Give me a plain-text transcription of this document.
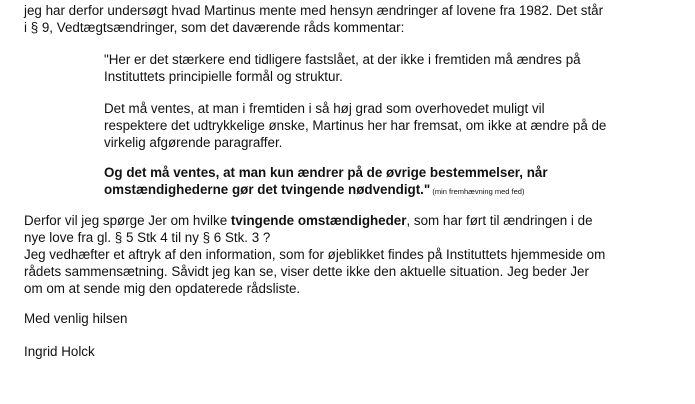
jeg har derfor undersøgt hvad Martinus mente med hensyn ændringer af lovene fra 1982. Det står
i § 9, Vedtægtsændringer, som det daværende råds kommentar:

"Her er det stærkere end tidligere fastslået, at der ikke i fremtiden må ændres på
Instituttets principielle formål og struktur.

Det må ventes, at man i fremtiden i så høj grad som overhovedet muligt vil
respektere det udtrykkelige ønske, Martinus her har fremsat, om ikke at ændre på de
virkelig afgørende paragraffer.

Og det må ventes, at man kun ændrer på de øvrige bestemmelser, når
omstændighederne gør det tvingende nødvendigt." (min fremhævning med fed)

Derfor vil jeg spørge Jer om hvilke tvingende omstændigheder, som har ført til ændringen i de
nye love fra gl. § 5 Stk 4 til ny § 6 Stk. 3 ?
Jeg vedhæfter et aftryk af den information, som for øjeblikket findes på Instituttets hjemmeside om
rådets sammensætning. Såvidt jeg kan se, viser dette ikke den aktuelle situation. Jeg beder Jer
om om at sende mig den opdaterede rådsliste.

Med venlig hilsen

Ingrid Holck
